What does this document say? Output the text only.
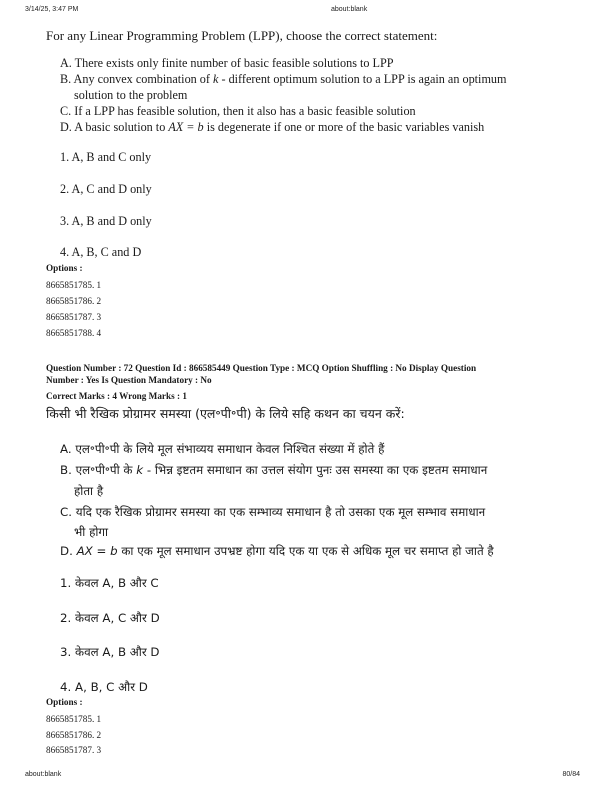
3/14/25, 3:47 PM	about:blank
For any Linear Programming Problem (LPP), choose the correct statement:
A. There exists only finite number of basic feasible solutions to LPP
B. Any convex combination of k - different optimum solution to a LPP is again an optimum
solution to the problem
C. If a LPP has feasible solution, then it also has a basic feasible solution
D. A basic solution to AX = b is degenerate if one or more of the basic variables vanish
1. A, B and C only
2. A, C and D only
3. A, B and D only
4. A, B, C and D
Options :
8665851785. 1
8665851786. 2
8665851787. 3
8665851788. 4
Question Number : 72 Question Id : 866585449 Question Type : MCQ Option Shuffling : No Display Question
Number : Yes Is Question Mandatory : No
Correct Marks : 4 Wrong Marks : 1
किसी भी रैखिक प्रोग्रामर समस्या (एल॰पी॰पी) के लिये सहि कथन का चयन करें:
A. एल॰पी॰पी के लिये मूल संभाव्यय समाधान केवल निश्चित संख्या में होते हैं
B. एल॰पी॰पी के k - भिन्न इष्टतम समाधान का उत्तल संयोग पुनः उस समस्या का एक इष्टतम समाधान
होता है
C. यदि एक रैखिक प्रोग्रामर समस्या का एक सम्भाव्य समाधान है तो उसका एक मूल सम्भाव समाधान
भी होगा
D. AX = b का एक मूल समाधान उपभ्रष्ट होगा यदि एक या एक से अधिक मूल चर समाप्त हो जाते है
1. केवल A, B और C
2. केवल A, C और D
3. केवल A, B और D
4. A, B, C और D
Options :
8665851785. 1
8665851786. 2
8665851787. 3
about:blank	80/84
